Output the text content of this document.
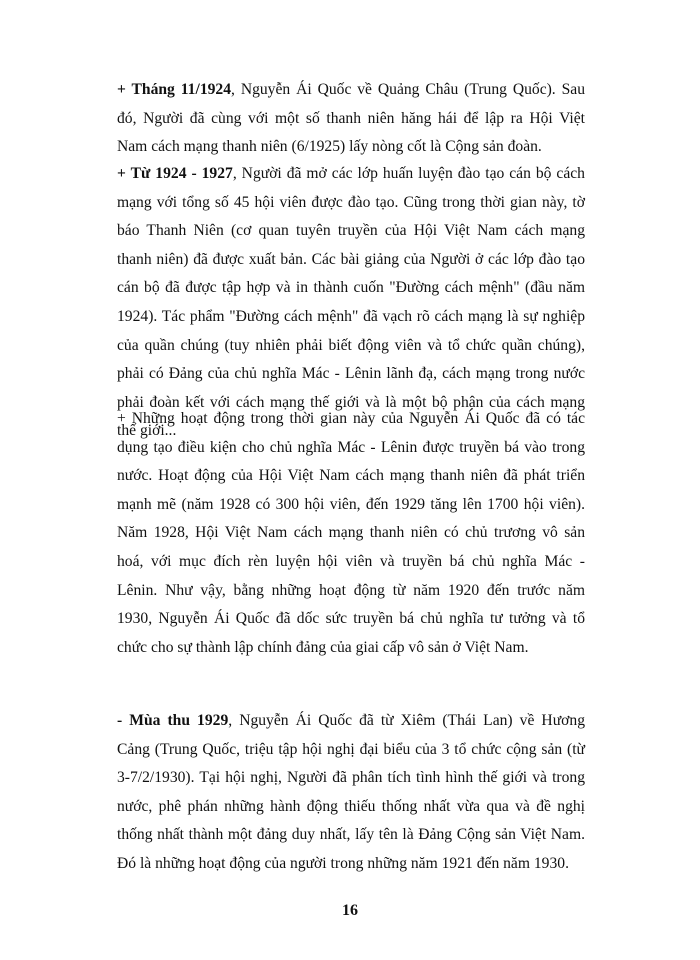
+ Tháng 11/1924, Nguyễn Ái Quốc về Quảng Châu (Trung Quốc). Sau
đó, Người đã cùng với một số thanh niên hăng hái để lập ra Hội Việt
Nam cách mạng thanh niên (6/1925) lấy nòng cốt là Cộng sản đoàn.
+ Từ 1924 - 1927, Người đã mở các lớp huấn luyện đào tạo cán bộ cách
mạng với tổng số 45 hội viên được đào tạo. Cũng trong thời gian này, tờ
báo Thanh Niên (cơ quan tuyên truyền của Hội Việt Nam cách mạng
thanh niên) đã được xuất bản. Các bài giảng của Người ở các lớp đào tạo
cán bộ đã được tập hợp và in thành cuốn "Đường cách mệnh" (đầu năm
1924). Tác phẩm "Đường cách mệnh" đã vạch rõ cách mạng là sự nghiệp
của quần chúng (tuy nhiên phải biết động viên và tổ chức quần chúng),
phải có Đảng của chủ nghĩa Mác - Lênin lãnh đạ, cách mạng trong nước
phải đoàn kết với cách mạng thế giới và là một bộ phận của cách mạng
thế giới...
+ Những hoạt động trong thời gian này của Nguyễn Ái Quốc đã có tác
dụng tạo điều kiện cho chủ nghĩa Mác - Lênin được truyền bá vào trong
nước. Hoạt động của Hội Việt Nam cách mạng thanh niên đã phát triển
mạnh mẽ (năm 1928 có 300 hội viên, đến 1929 tăng lên 1700 hội viên).
Năm 1928, Hội Việt Nam cách mạng thanh niên có chủ trương vô sản
hoá, với mục đích rèn luyện hội viên và truyền bá chủ nghĩa Mác -
Lênin. Như vậy, bằng những hoạt động từ năm 1920 đến trước năm
1930, Nguyễn Ái Quốc đã dốc sức truyền bá chủ nghĩa tư tưởng và tổ
chức cho sự thành lập chính đảng của giai cấp vô sản ở Việt Nam.
- Mùa thu 1929, Nguyễn Ái Quốc đã từ Xiêm (Thái Lan) về Hương
Cảng (Trung Quốc, triệu tập hội nghị đại biểu của 3 tổ chức cộng sản (từ
3-7/2/1930). Tại hội nghị, Người đã phân tích tình hình thế giới và trong
nước, phê phán những hành động thiếu thống nhất vừa qua và đề nghị
thống nhất thành một đảng duy nhất, lấy tên là Đảng Cộng sản Việt Nam.
Đó là những hoạt động của người trong những năm 1921 đến năm 1930.
16
